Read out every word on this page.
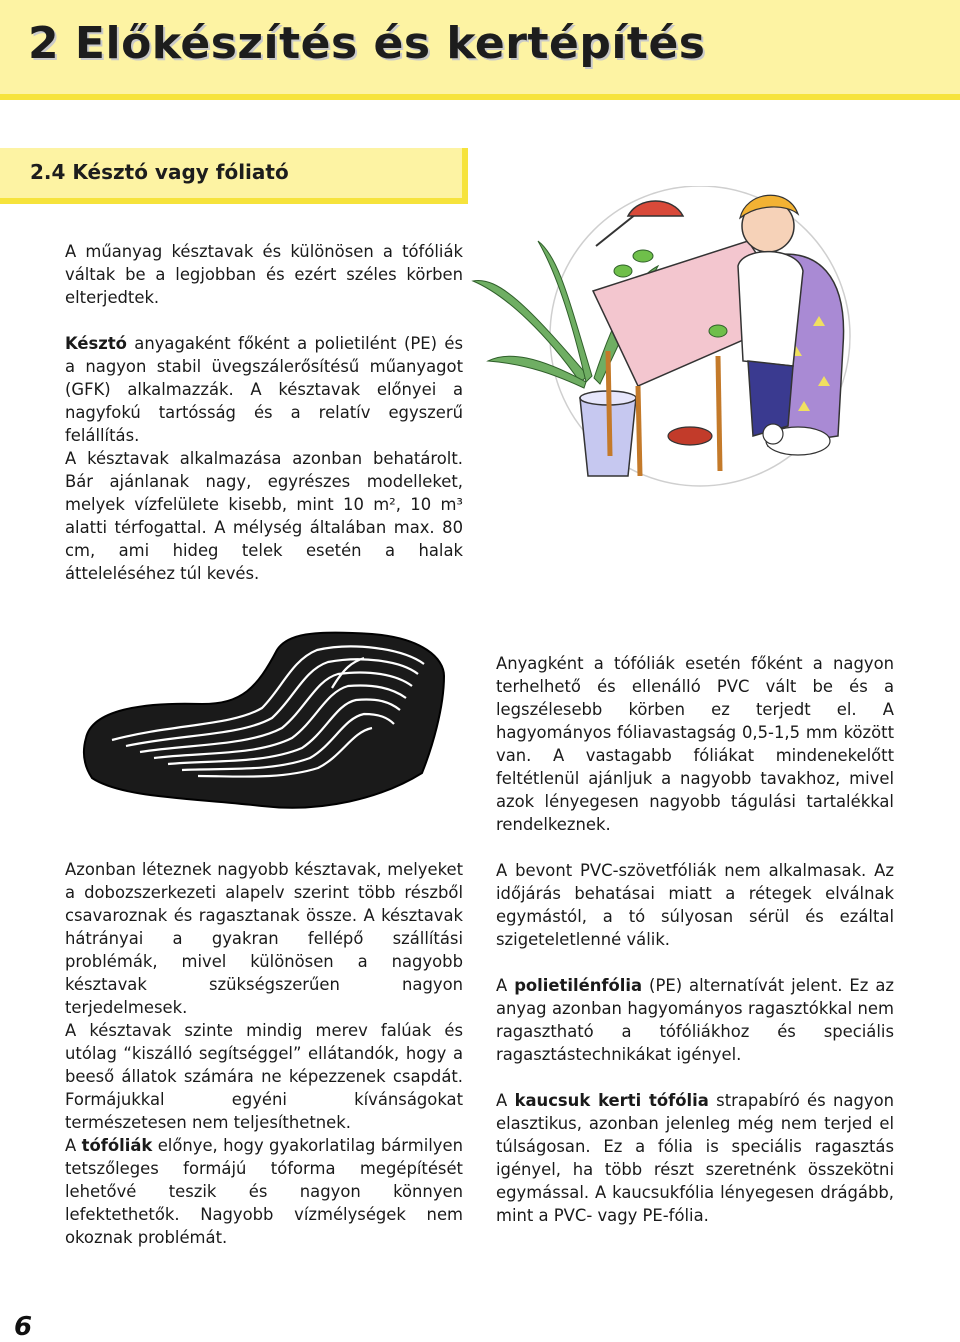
2 Előkészítés és kertépítés
2.4 Késztó vagy fóliató

A műanyag késztavak és különösen a tófóliák váltak be a legjobban és ezért széles körben elterjedtek.

Késztó anyagaként főként a polietilént (PE) és a nagyon stabil üvegszálerősítésű műanyagot (GFK) alkalmazzák. A késztavak előnyei a nagyfokú tartósság és a relatív egyszerű felállítás.

A késztavak alkalmazása azonban behatárolt. Bár ajánlanak nagy, egyrészes modelleket, melyek vízfelülete kisebb, mint 10 m², 10 m³ alatti térfogattal. A mélység általában max. 80 cm, ami hideg telek esetén a halak átteleléséhez túl kevés.

Azonban léteznek nagyobb késztavak, melyeket a dobozszerkezeti alapelv szerint több részből csavaroznak és ragasztanak össze. A késztavak hátrányai a gyakran fellépő szállítási problémák, mivel különösen a nagyobb késztavak szükségszerűen nagyon terjedelmesek.

A késztavak szinte mindig merev falúak és utólag “kiszálló segítséggel” ellátandók, hogy a beeső állatok számára ne képezzenek csapdát. Formájukkal egyéni kívánságokat természetesen nem teljesíthetnek.

A tófóliák előnye, hogy gyakorlatilag bármilyen tetszőleges formájú tóforma megépítését lehetővé teszik és nagyon könnyen lefektethetők. Nagyobb vízmélységek nem okoznak problémát.

Anyagként a tófóliák esetén főként a nagyon terhelhető és ellenálló PVC vált be és a legszélesebb körben ez terjedt el. A hagyományos fóliavastagság 0,5-1,5 mm között van. A vastagabb fóliákat mindenekelőtt feltétlenül ajánljuk a nagyobb tavakhoz, mivel azok lényegesen nagyobb tágulási tartalékkal rendelkeznek.

A bevont PVC-szövetfóliák nem alkalmasak. Az időjárás behatásai miatt a rétegek elválnak egymástól, a tó súlyosan sérül és ezáltal szigeteletlenné válik.

A polietilénfólia (PE) alternatívát jelent. Ez az anyag azonban hagyományos ragasztókkal nem ragasztható a tófóliákhoz és speciális ragasztástechnikákat igényel.

A kaucsuk kerti tófólia strapabíró és nagyon elasztikus, azonban jelenleg még nem terjed el túlságosan. Ez a fólia is speciális ragasztás igényel, ha több részt szeretnénk összekötni egymással. A kaucsukfólia lényegesen drágább, mint a PVC- vagy PE-fólia.

6
